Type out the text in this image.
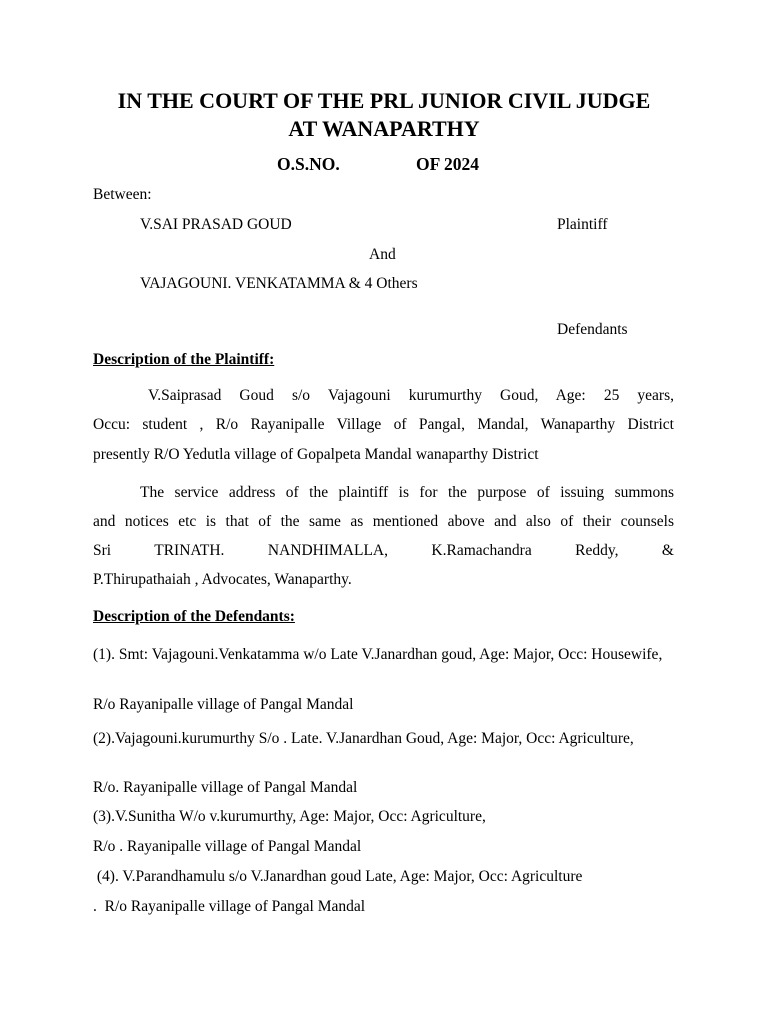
IN THE COURT OF THE PRL JUNIOR CIVIL JUDGE
AT WANAPARTHY
O.S.NO.	OF 2024
Between:
V.SAI PRASAD GOUD	Plaintiff
And
VAJAGOUNI. VENKATAMMA & 4 Others
Defendants
Description of the Plaintiff:
V.Saiprasad Goud s/o Vajagouni kurumurthy Goud, Age: 25 years,
Occu: student , R/o Rayanipalle Village of Pangal, Mandal, Wanaparthy District
presently R/O Yedutla village of Gopalpeta Mandal wanaparthy District
The service address of the plaintiff is for the purpose of issuing summons
and notices etc is that of the same as mentioned above and also of their counsels
Sri TRINATH. NANDHIMALLA, K.Ramachandra Reddy, &
P.Thirupathaiah , Advocates, Wanaparthy.
Description of the Defendants:
(1). Smt: Vajagouni.Venkatamma w/o Late V.Janardhan goud, Age: Major, Occ: Housewife,
R/o Rayanipalle village of Pangal Mandal
(2).Vajagouni.kurumurthy S/o . Late. V.Janardhan Goud, Age: Major, Occ: Agriculture,
R/o. Rayanipalle village of Pangal Mandal
(3).V.Sunitha W/o v.kurumurthy, Age: Major, Occ: Agriculture,
R/o . Rayanipalle village of Pangal Mandal
(4). V.Parandhamulu s/o V.Janardhan goud Late, Age: Major, Occ: Agriculture
.  R/o Rayanipalle village of Pangal Mandal
